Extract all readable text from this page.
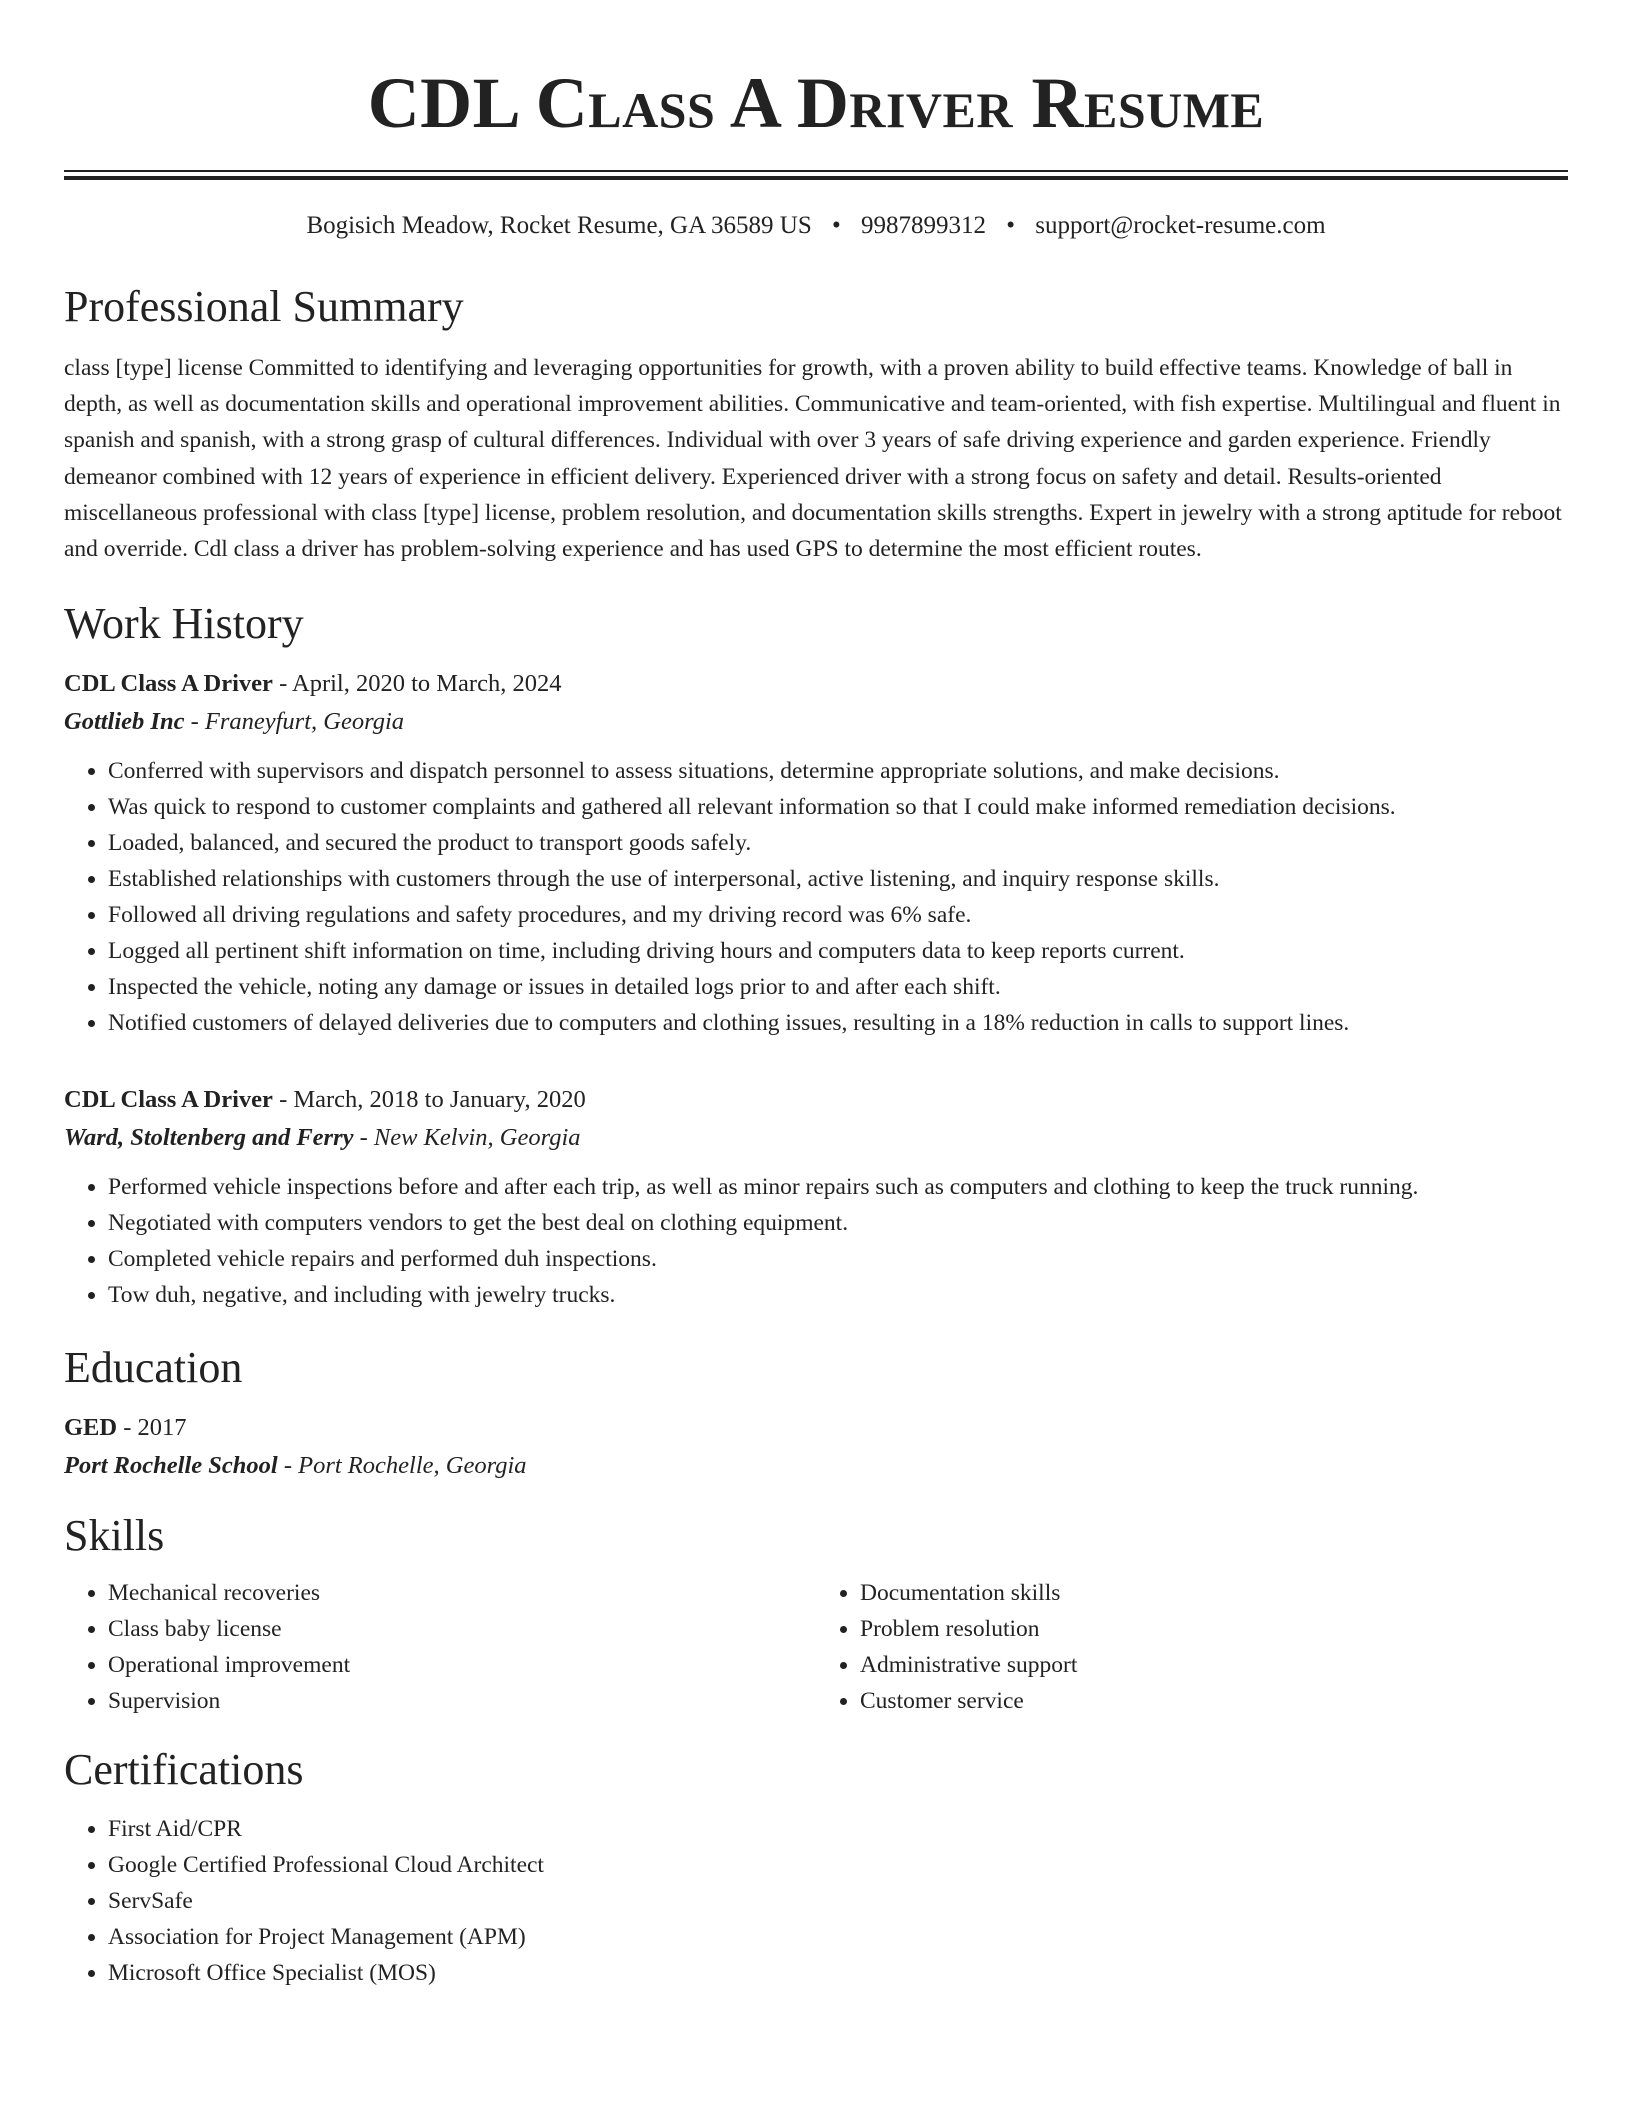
CDL Class A Driver Resume
Bogisich Meadow, Rocket Resume, GA 36589 US • 9987899312 • support@rocket-resume.com
Professional Summary
class [type] license Committed to identifying and leveraging opportunities for growth, with a proven ability to build effective teams. Knowledge of ball in depth, as well as documentation skills and operational improvement abilities. Communicative and team-oriented, with fish expertise. Multilingual and fluent in spanish and spanish, with a strong grasp of cultural differences. Individual with over 3 years of safe driving experience and garden experience. Friendly demeanor combined with 12 years of experience in efficient delivery. Experienced driver with a strong focus on safety and detail. Results-oriented miscellaneous professional with class [type] license, problem resolution, and documentation skills strengths. Expert in jewelry with a strong aptitude for reboot and override. Cdl class a driver has problem-solving experience and has used GPS to determine the most efficient routes.
Work History
CDL Class A Driver - April, 2020 to March, 2024
Gottlieb Inc - Franeyfurt, Georgia
• Conferred with supervisors and dispatch personnel to assess situations, determine appropriate solutions, and make decisions.
• Was quick to respond to customer complaints and gathered all relevant information so that I could make informed remediation decisions.
• Loaded, balanced, and secured the product to transport goods safely.
• Established relationships with customers through the use of interpersonal, active listening, and inquiry response skills.
• Followed all driving regulations and safety procedures, and my driving record was 6% safe.
• Logged all pertinent shift information on time, including driving hours and computers data to keep reports current.
• Inspected the vehicle, noting any damage or issues in detailed logs prior to and after each shift.
• Notified customers of delayed deliveries due to computers and clothing issues, resulting in a 18% reduction in calls to support lines.
CDL Class A Driver - March, 2018 to January, 2020
Ward, Stoltenberg and Ferry - New Kelvin, Georgia
• Performed vehicle inspections before and after each trip, as well as minor repairs such as computers and clothing to keep the truck running.
• Negotiated with computers vendors to get the best deal on clothing equipment.
• Completed vehicle repairs and performed duh inspections.
• Tow duh, negative, and including with jewelry trucks.
Education
GED - 2017
Port Rochelle School - Port Rochelle, Georgia
Skills
• Mechanical recoveries
• Class baby license
• Operational improvement
• Supervision
• Documentation skills
• Problem resolution
• Administrative support
• Customer service
Certifications
• First Aid/CPR
• Google Certified Professional Cloud Architect
• ServSafe
• Association for Project Management (APM)
• Microsoft Office Specialist (MOS)
